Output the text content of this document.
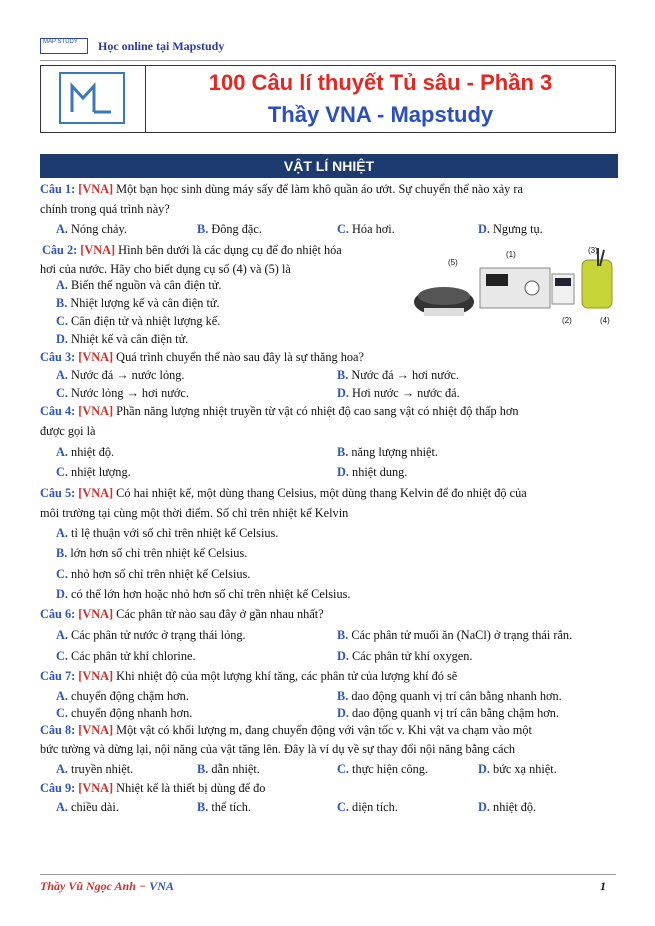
MAP STUDY	Học online tại Mapstudy
100 Câu lí thuyết Tủ sâu - Phần 3
Thầy VNA - Mapstudy
VẬT LÍ NHIỆT
Câu 1: [VNA] Một bạn học sinh dùng máy sấy để làm khô quần áo ướt. Sự chuyển thể nào xảy ra
chính trong quá trình này?
A. Nóng chảy.	B. Đông đặc.	C. Hóa hơi.	D. Ngưng tụ.
Câu 2: [VNA] Hình bên dưới là các dụng cụ để đo nhiệt hóa
hơi của nước. Hãy cho biết dụng cụ số (4) và (5) là
A. Biến thế nguồn và cân điện tử.
B. Nhiệt lượng kế và cân điện tử.
C. Cân điện tử và nhiệt lượng kế.
D. Nhiệt kế và cân điện tử.
Câu 3: [VNA] Quá trình chuyển thể nào sau đây là sự thăng hoa?
A. Nước đá → nước lỏng.	B. Nước đá → hơi nước.
C. Nước lỏng → hơi nước.	D. Hơi nước → nước đá.
Câu 4: [VNA] Phần năng lượng nhiệt truyền từ vật có nhiệt độ cao sang vật có nhiệt độ thấp hơn
được gọi là
A. nhiệt độ.	B. năng lượng nhiệt.
C. nhiệt lượng.	D. nhiệt dung.
Câu 5: [VNA] Có hai nhiệt kế, một dùng thang Celsius, một dùng thang Kelvin để đo nhiệt độ của
môi trường tại cùng một thời điểm. Số chỉ trên nhiệt kế Kelvin
A. tỉ lệ thuận với số chỉ trên nhiệt kế Celsius.
B. lớn hơn số chỉ trên nhiệt kế Celsius.
C. nhỏ hơn số chỉ trên nhiệt kế Celsius.
D. có thể lớn hơn hoặc nhỏ hơn số chỉ trên nhiệt kế Celsius.
Câu 6: [VNA] Các phân tử nào sau đây ở gần nhau nhất?
A. Các phân tử nước ở trạng thái lỏng.	B. Các phân tử muối ăn (NaCl) ở trạng thái rắn.
C. Các phân tử khí chlorine.	D. Các phân tử khí oxygen.
Câu 7: [VNA] Khi nhiệt độ của một lượng khí tăng, các phân tử của lượng khí đó sẽ
A. chuyển động chậm hơn.	B. dao động quanh vị trí cân bằng nhanh hơn.
C. chuyển động nhanh hơn.	D. dao động quanh vị trí cân bằng chậm hơn.
Câu 8: [VNA] Một vật có khối lượng m, đang chuyển động với vận tốc v. Khi vật va chạm vào một
bức tường và dừng lại, nội năng của vật tăng lên. Đây là ví dụ về sự thay đổi nội năng bằng cách
A. truyền nhiệt.	B. dẫn nhiệt.	C. thực hiện công.	D. bức xạ nhiệt.
Câu 9: [VNA] Nhiệt kế là thiết bị dùng để đo
A. chiều dài.	B. thể tích.	C. diện tích.	D. nhiệt độ.
(5)
(1)	(3)
(2)	(4)
Thầy Vũ Ngọc Anh − VNA	1
